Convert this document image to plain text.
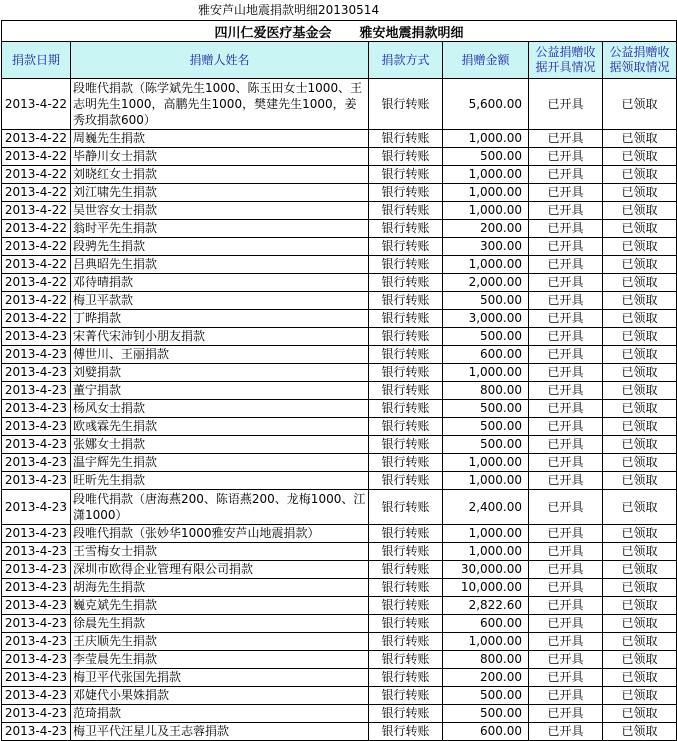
雅安芦山地震捐款明细20130514
四川仁爱医疗基金会 雅安地震捐款明细					
捐款日期	捐赠人姓名	捐款方式	捐赠金额	公益捐赠收据开具情况	公益捐赠收据领取情况
2013-4-22	段唯代捐款（陈学斌先生1000、陈玉田女士1000、王志明先生1000，高鹏先生1000，樊建先生1000，姜秀玫捐款600）	银行转账	5,600.00	已开具	已领取
2013-4-22	周巍先生捐款	银行转账	1,000.00	已开具	已领取
2013-4-22	毕静川女士捐款	银行转账	500.00	已开具	已领取
2013-4-22	刘晓红女士捐款	银行转账	1,000.00	已开具	已领取
2013-4-22	刘江啸先生捐款	银行转账	1,000.00	已开具	已领取
2013-4-22	吴世容女士捐款	银行转账	1,000.00	已开具	已领取
2013-4-22	翁时平先生捐款	银行转账	200.00	已开具	已领取
2013-4-22	段骋先生捐款	银行转账	300.00	已开具	已领取
2013-4-22	吕典昭先生捐款	银行转账	1,000.00	已开具	已领取
2013-4-22	邓待晴捐款	银行转账	2,000.00	已开具	已领取
2013-4-22	梅卫平款款	银行转账	500.00	已开具	已领取
2013-4-22	丁晔捐款	银行转账	3,000.00	已开具	已领取
2013-4-23	宋菁代宋沛钊小朋友捐款	银行转账	500.00	已开具	已领取
2013-4-23	傅世川、王丽捐款	银行转账	600.00	已开具	已领取
2013-4-23	刘嬖捐款	银行转账	1,000.00	已开具	已领取
2013-4-23	董宁捐款	银行转账	800.00	已开具	已领取
2013-4-23	杨风女士捐款	银行转账	500.00	已开具	已领取
2013-4-23	欧彧霖先生捐款	银行转账	500.00	已开具	已领取
2013-4-23	张娜女士捐款	银行转账	500.00	已开具	已领取
2013-4-23	温宇辉先生捐款	银行转账	1,000.00	已开具	已领取
2013-4-23	旺昕先生捐款	银行转账	1,000.00	已开具	已领取
2013-4-23	段唯代捐款（唐海燕200、陈语燕200、龙梅1000、江潇1000）	银行转账	2,400.00	已开具	已领取
2013-4-23	段唯代捐款（张妙华1000雅安芦山地震捐款）	银行转账	1,000.00	已开具	已领取
2013-4-23	王雪梅女士捐款	银行转账	1,000.00	已开具	已领取
2013-4-23	深圳市欧得企业管理有限公司捐款	银行转账	30,000.00	已开具	已领取
2013-4-23	胡海先生捐款	银行转账	10,000.00	已开具	已领取
2013-4-23	巍克斌先生捐款	银行转账	2,822.60	已开具	已领取
2013-4-23	徐晨先生捐款	银行转账	600.00	已开具	已领取
2013-4-23	王庆顺先生捐款	银行转账	1,000.00	已开具	已领取
2013-4-23	李莹晨先生捐款	银行转账	800.00	已开具	已领取
2013-4-23	梅卫平代张国先捐款	银行转账	200.00	已开具	已领取
2013-4-23	邓婕代小果姝捐款	银行转账	500.00	已开具	已领取
2013-4-23	范琦捐款	银行转账	500.00	已开具	已领取
2013-4-23	梅卫平代汪星儿及王志蓉捐款	银行转账	600.00	已开具	已领取
